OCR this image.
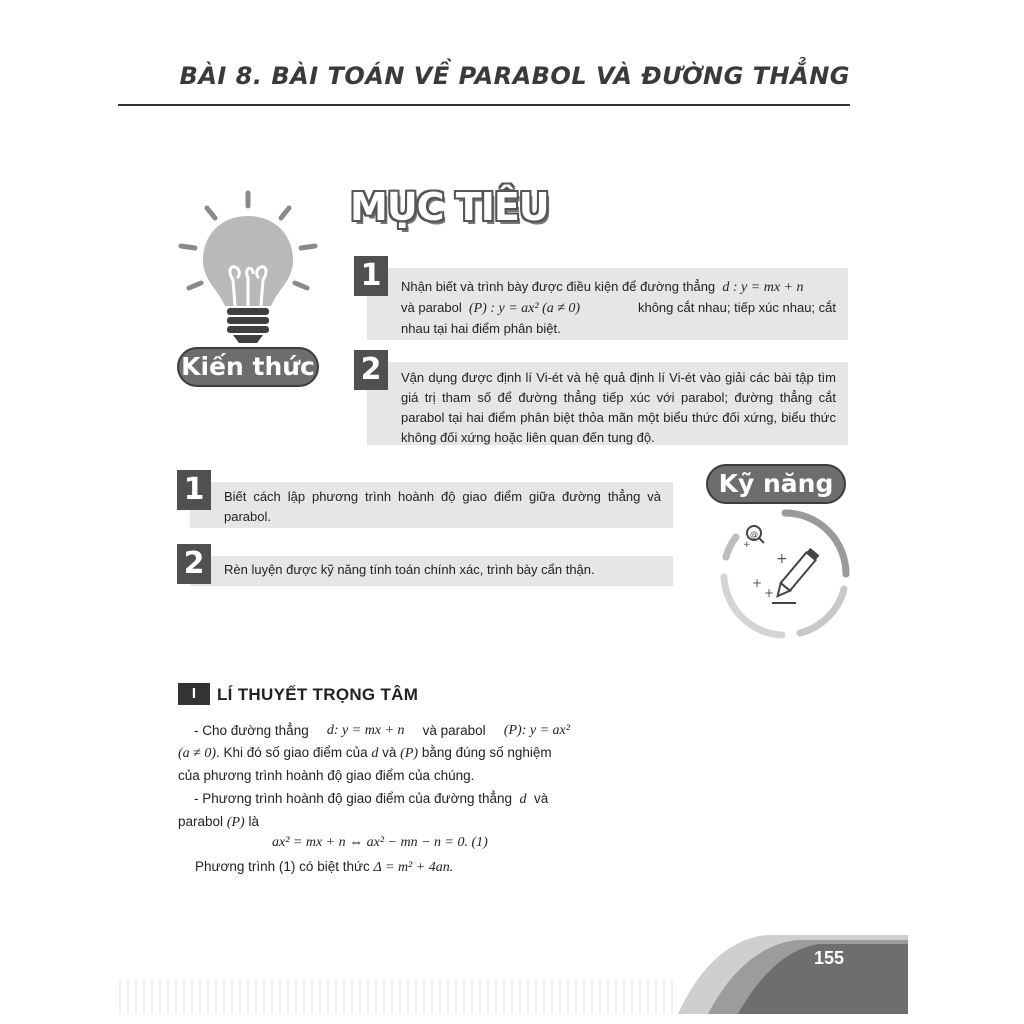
BÀI 8. BÀI TOÁN VỀ PARABOL VÀ ĐƯỜNG THẲNG
MỤC TIÊU
Kiến thức
Nhận biết và trình bày được điều kiện để đường thẳng d : y = mx + n
và parabol (P) : y = ax² (a ≠ 0)	không cắt nhau; tiếp xúc nhau; cắt
nhau tại hai điểm phân biệt.
1
Vận dụng được định lí Vi-ét và hệ quả định lí Vi-ét vào giải các bài tập tìm giá trị tham số để đường thẳng tiếp xúc với parabol; đường thẳng cắt parabol tại hai điểm phân biệt thỏa mãn một biểu thức đối xứng, biểu thức không đối xứng hoặc liên quan đến tung độ.
2
Biết cách lập phương trình hoành độ giao điểm giữa đường thẳng và parabol.
1
Rèn luyện được kỹ năng tính toán chính xác, trình bày cẩn thận.
2
Kỹ năng
@
+
+
+
+
I	LÍ THUYẾT TRỌNG TÂM
- Cho đường thẳng d: y = mx + n và parabol (P): y = ax²
(a ≠ 0). Khi đó số giao điểm của d và (P) bằng đúng số nghiệm
của phương trình hoành độ giao điểm của chúng.
- Phương trình hoành độ giao điểm của đường thẳng d và
parabol (P) là
ax² = mx + n ⇔ ax² − mn − n = 0. (1)
Phương trình (1) có biệt thức Δ = m² + 4an.
155
